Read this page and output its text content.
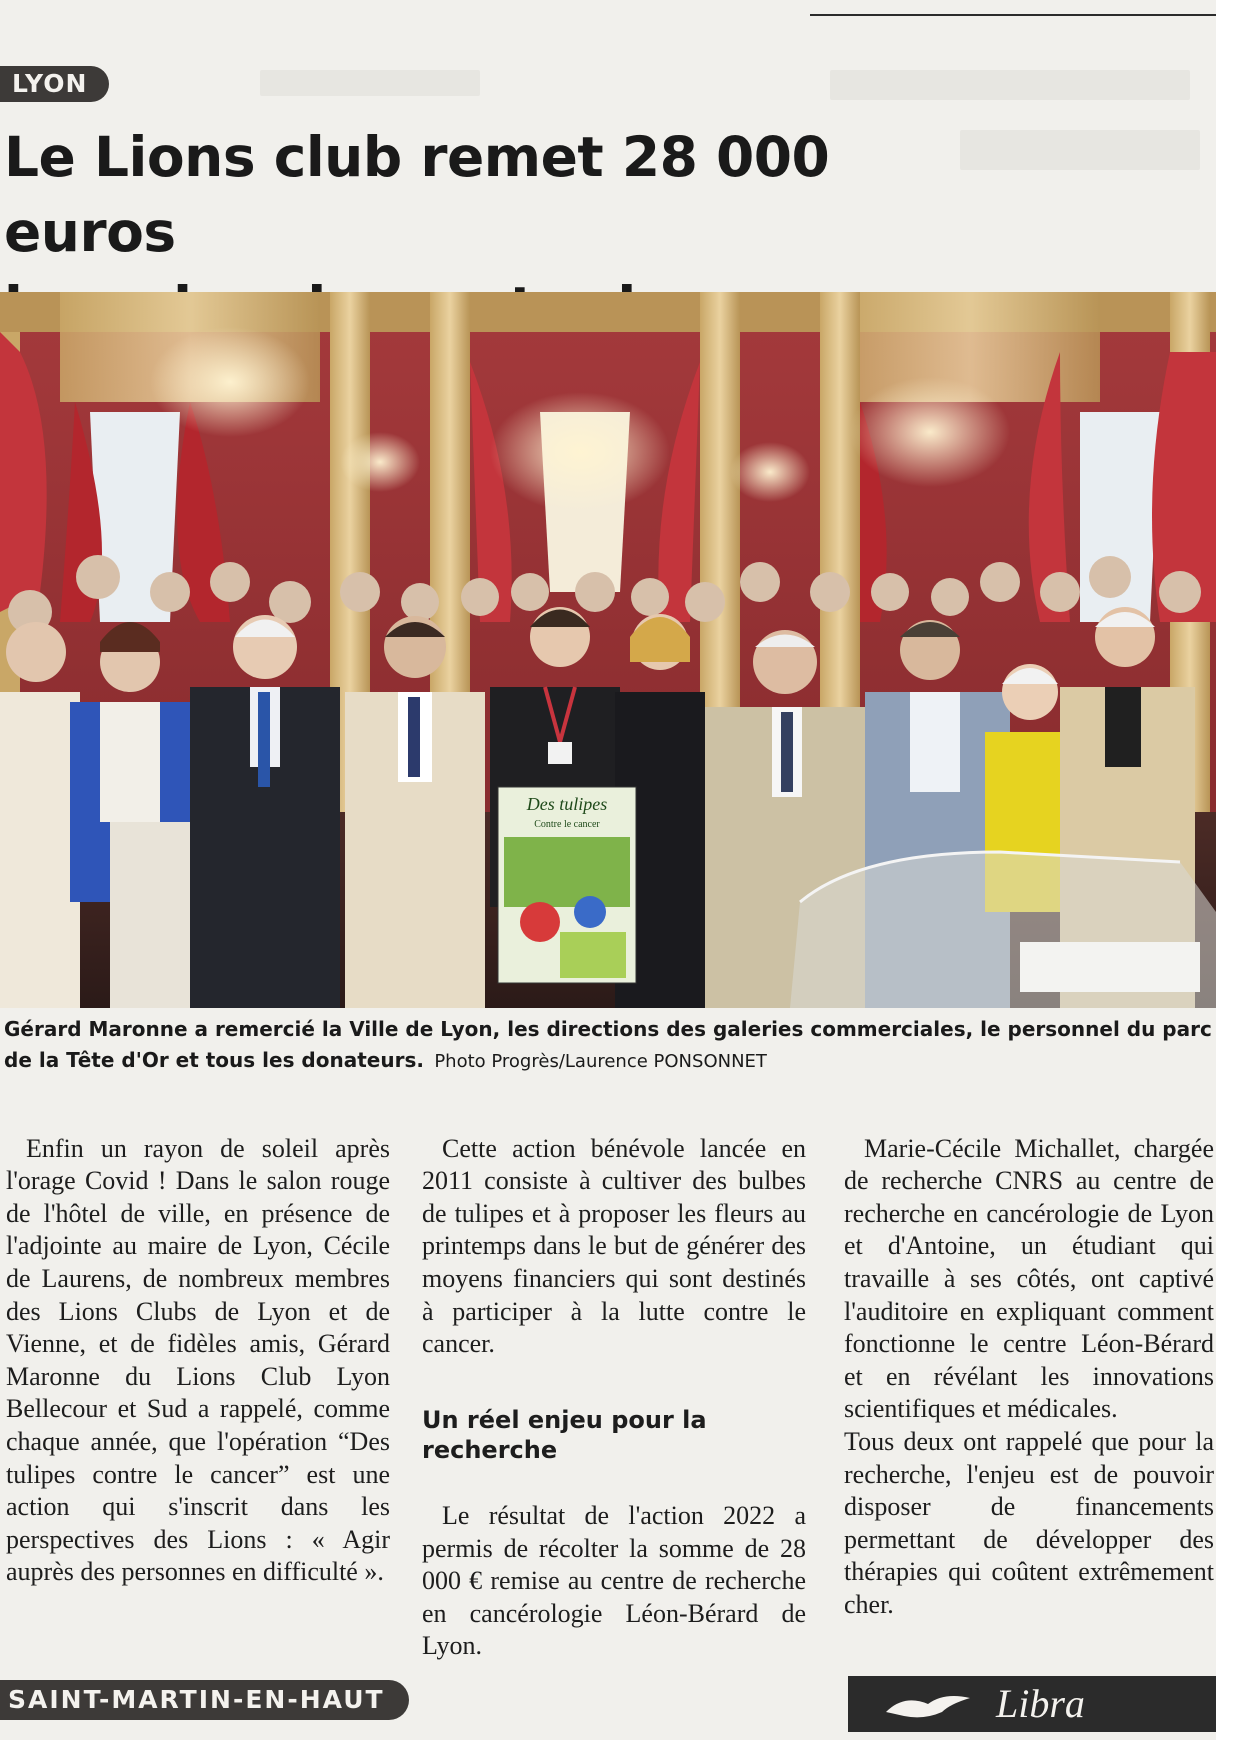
LYON
Le Lions club remet 28 000 euros

Des tulipes
Contre le cancer

Gérard Maronne a remercié la Ville de Lyon, les directions des galeries commerciales, le personnel du parc de la Tête d'Or et tous les donateurs. Photo Progrès/Laurence PONSONNET

Enfin un rayon de soleil après l'orage Covid ! Dans le salon rouge de l'hôtel de ville, en présence de l'adjointe au maire de Lyon, Cécile de Laurens, de nombreux membres des Lions Clubs de Lyon et de Vienne, et de fidèles amis, Gérard Maronne du Lions Club Lyon Bellecour et Sud a rappelé, comme chaque année, que l'opération “Des tulipes contre le cancer” est une action qui s'inscrit dans les perspectives des Lions : « Agir auprès des personnes en difficulté ».

Cette action bénévole lancée en 2011 consiste à cultiver des bulbes de tulipes et à proposer les fleurs au printemps dans le but de générer des moyens financiers qui sont destinés à participer à la lutte contre le cancer.

Un réel enjeu pour la recherche

Le résultat de l'action 2022 a permis de récolter la somme de 28 000 € remise au centre de recherche en cancérologie Léon-Bérard de Lyon.

Marie-Cécile Michallet, chargée de recherche CNRS au centre de recherche en cancérologie de Lyon et d'Antoine, un étudiant qui travaille à ses côtés, ont captivé l'auditoire en expliquant comment fonctionne le centre Léon-Bérard et en révélant les innovations scientifiques et médicales.
Tous deux ont rappelé que pour la recherche, l'enjeu est de pouvoir disposer de financements permettant de développer des thérapies qui coûtent extrêmement cher.

SAINT-MARTIN-EN-HAUT	Libra
